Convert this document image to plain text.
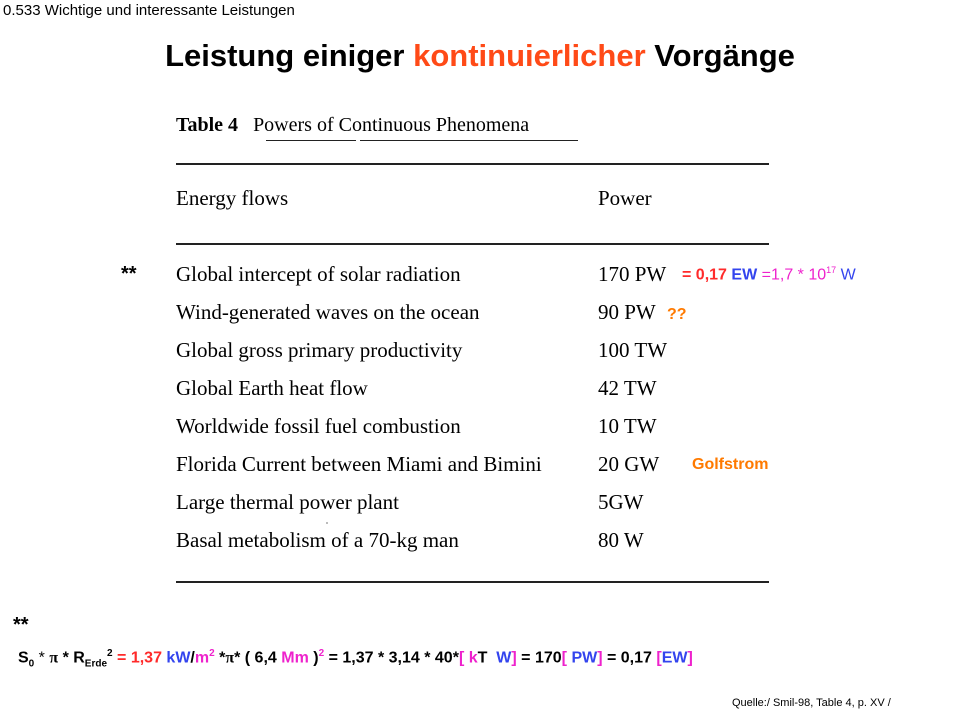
0.533 Wichtige und interessante Leistungen
Leistung einiger kontinuierlicher Vorgänge
Table 4 Powers of Continuous Phenomena
Energy flows	Power
** Global intercept of solar radiation	170 PW = 0,17 EW $=1,7 * 10^{17}$ W
Wind-generated waves on the ocean	90 PW ??
Global gross primary productivity	100 TW
Global Earth heat flow	42 TW
Worldwide fossil fuel combustion	10 TW
Florida Current between Miami and Bimini	20 GW Golfstrom
Large thermal power plant	5GW
Basal metabolism of a 70-kg man	80 W
**
$S_0 * \pi * R_{Erde}^2 = 1,37$ $kW/m^2$ *π* ( 6,4 Mm )$^2$ = 1,37 * 3,14 * 40*[ kT W] = 170[ PW] = 0,17 [EW]
Quelle:/ Smil-98, Table 4, p. XV /
